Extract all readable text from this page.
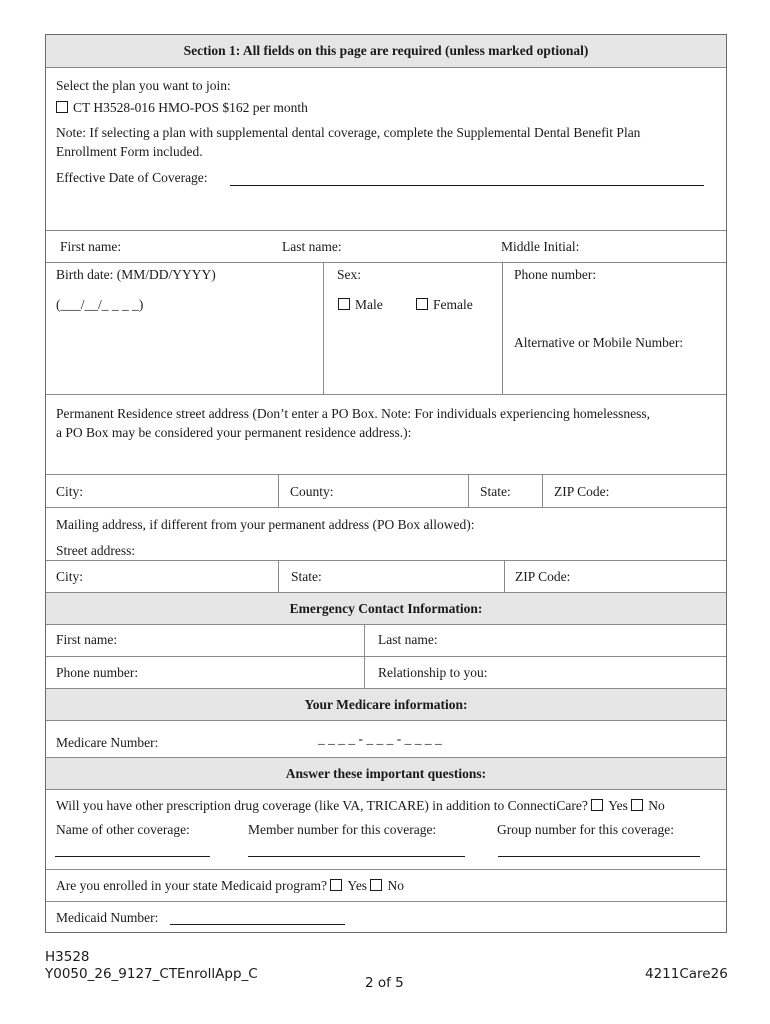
Section 1: All fields on this page are required (unless marked optional)
Select the plan you want to join:
CT H3528-016 HMO-POS $162 per month
Note: If selecting a plan with supplemental dental coverage, complete the Supplemental Dental Benefit Plan
Enrollment Form included.
Effective Date of Coverage:
First name:	Last name:	Middle Initial:
Birth date: (MM/DD/YYYY)
(___/__/_ _ _ _)
Sex:
Male	Female
Phone number:
Alternative or Mobile Number:
Permanent Residence street address (Don’t enter a PO Box. Note: For individuals experiencing homelessness,
a PO Box may be considered your permanent residence address.):
City:	County:	State:	ZIP Code:
Mailing address, if different from your permanent address (PO Box allowed):
Street address:
City:	State:	ZIP Code:
Emergency Contact Information:
First name:	Last name:
Phone number:	Relationship to you:
Your Medicare information:
Medicare Number:	_ _ _ _ - _ _ _ - _ _ _ _
Answer these important questions:
Will you have other prescription drug coverage (like VA, TRICARE) in addition to ConnectiCare? Yes No
Name of other coverage:	Member number for this coverage:	Group number for this coverage:
Are you enrolled in your state Medicaid program? Yes No
Medicaid Number:
H3528
Y0050_26_9127_CTEnrollApp_C
2 of 5
4211Care26
